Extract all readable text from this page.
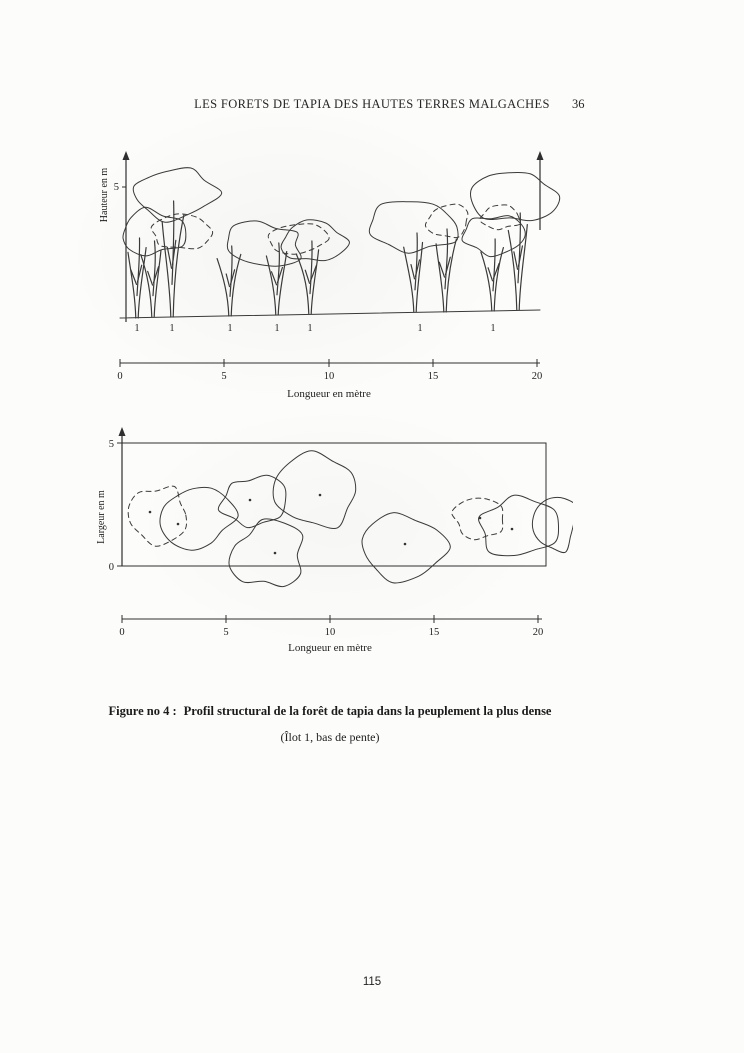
LES FORETS DE TAPIA DES HAUTES TERRES MALGACHES 36
5
Hauteur en m
1	1	1	1	1	1	1
0	5	10	15	20
Longueur en mètre
5
0
Largeur en m
0	5	10	15	20
Longueur en mètre
Figure no 4 : Profil structural de la forêt de tapia dans la peuplement la plus dense
(Îlot 1, bas de pente)
115
